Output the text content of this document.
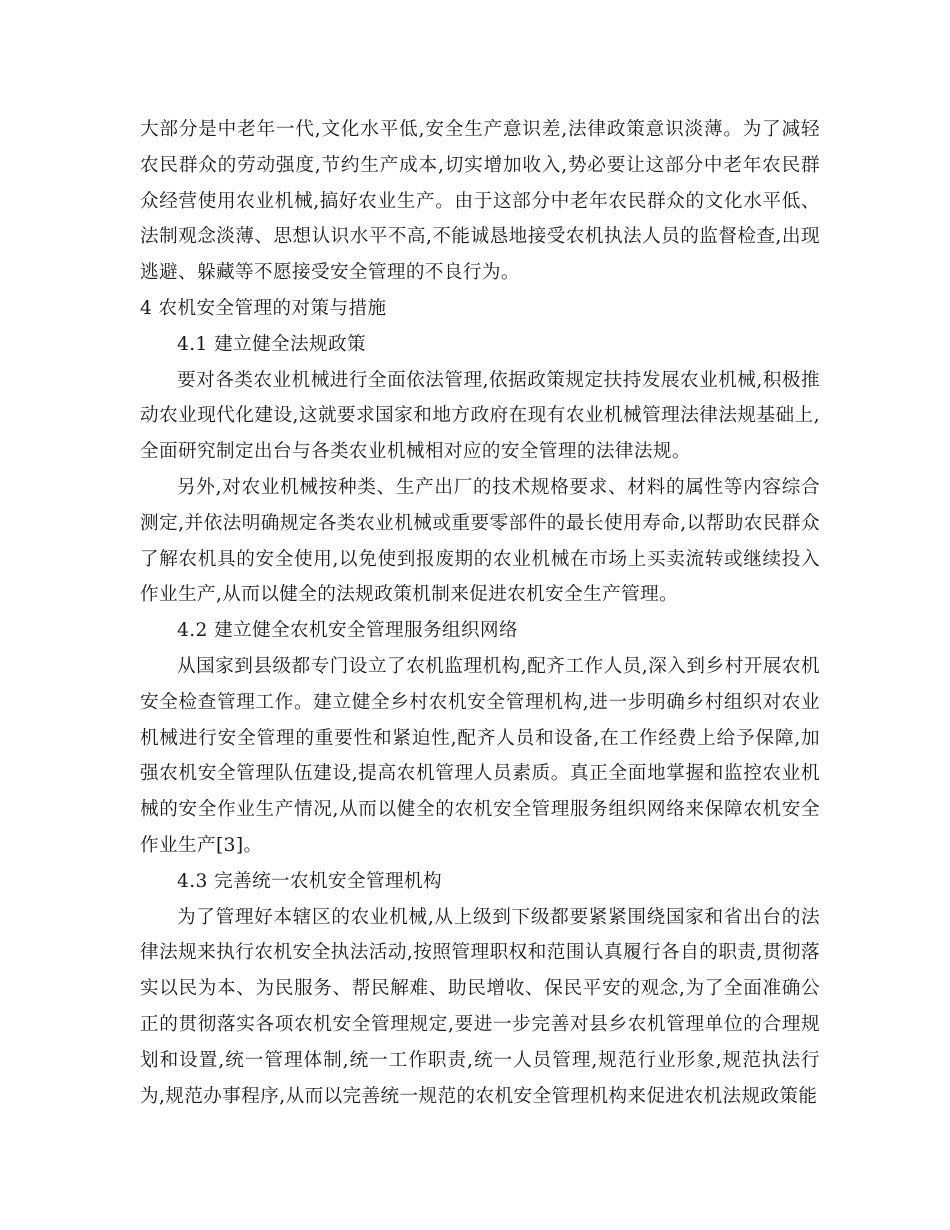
大部分是中老年一代,文化水平低,安全生产意识差,法律政策意识淡薄。为了减轻农民群众的劳动强度,节约生产成本,切实增加收入,势必要让这部分中老年农民群众经营使用农业机械,搞好农业生产。由于这部分中老年农民群众的文化水平低、法制观念淡薄、思想认识水平不高,不能诚恳地接受农机执法人员的监督检查,出现逃避、躲藏等不愿接受安全管理的不良行为。

4 农机安全管理的对策与措施

4.1 建立健全法规政策

要对各类农业机械进行全面依法管理,依据政策规定扶持发展农业机械,积极推动农业现代化建设,这就要求国家和地方政府在现有农业机械管理法律法规基础上,全面研究制定出台与各类农业机械相对应的安全管理的法律法规。

另外,对农业机械按种类、生产出厂的技术规格要求、材料的属性等内容综合测定,并依法明确规定各类农业机械或重要零部件的最长使用寿命,以帮助农民群众了解农机具的安全使用,以免使到报废期的农业机械在市场上买卖流转或继续投入作业生产,从而以健全的法规政策机制来促进农机安全生产管理。

4.2 建立健全农机安全管理服务组织网络

从国家到县级都专门设立了农机监理机构,配齐工作人员,深入到乡村开展农机安全检查管理工作。建立健全乡村农机安全管理机构,进一步明确乡村组织对农业机械进行安全管理的重要性和紧迫性,配齐人员和设备,在工作经费上给予保障,加强农机安全管理队伍建设,提高农机管理人员素质。真正全面地掌握和监控农业机械的安全作业生产情况,从而以健全的农机安全管理服务组织网络来保障农机安全作业生产[3]。

4.3 完善统一农机安全管理机构

为了管理好本辖区的农业机械,从上级到下级都要紧紧围绕国家和省出台的法律法规来执行农机安全执法活动,按照管理职权和范围认真履行各自的职责,贯彻落实以民为本、为民服务、帮民解难、助民增收、保民平安的观念,为了全面准确公正的贯彻落实各项农机安全管理规定,要进一步完善对县乡农机管理单位的合理规划和设置,统一管理体制,统一工作职责,统一人员管理,规范行业形象,规范执法行为,规范办事程序,从而以完善统一规范的农机安全管理机构来促进农机法规政策能
